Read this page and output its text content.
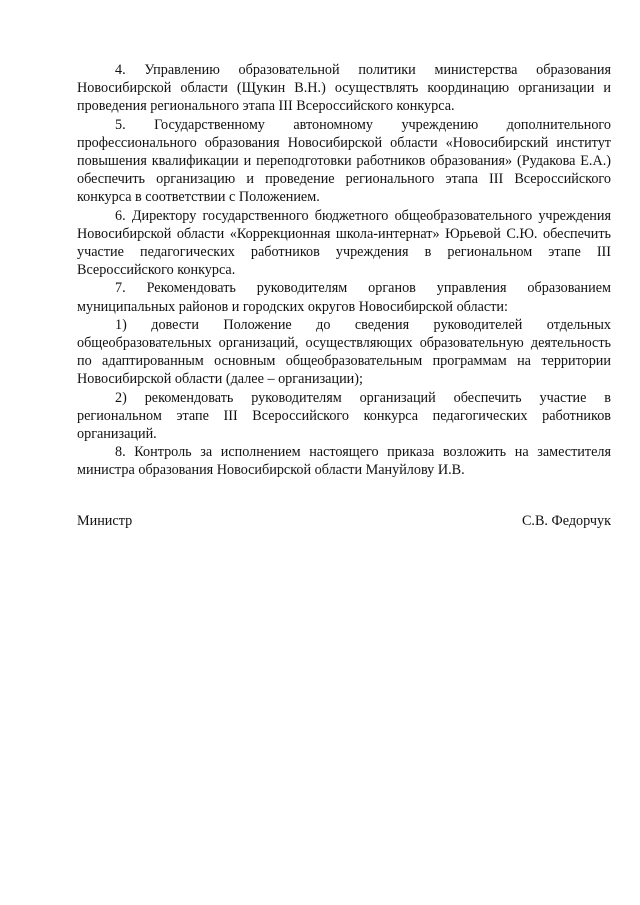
4. Управлению образовательной политики министерства образования Новосибирской области (Щукин В.Н.) осуществлять координацию организации и проведения регионального этапа III Всероссийского конкурса.

5. Государственному автономному учреждению дополнительного профессионального образования Новосибирской области «Новосибирский институт повышения квалификации и переподготовки работников образования» (Рудакова Е.А.) обеспечить организацию и проведение регионального этапа III Всероссийского конкурса в соответствии с Положением.

6. Директору государственного бюджетного общеобразовательного учреждения Новосибирской области «Коррекционная школа-интернат» Юрьевой С.Ю. обеспечить участие педагогических работников учреждения в региональном этапе III Всероссийского конкурса.

7. Рекомендовать руководителям органов управления образованием муниципальных районов и городских округов Новосибирской области:

1) довести Положение до сведения руководителей отдельных общеобразовательных организаций, осуществляющих образовательную деятельность по адаптированным основным общеобразовательным программам на территории Новосибирской области (далее – организации);

2) рекомендовать руководителям организаций обеспечить участие в региональном этапе III Всероссийского конкурса педагогических работников организаций.

8. Контроль за исполнением настоящего приказа возложить на заместителя министра образования Новосибирской области Мануйлову И.В.

Министр	С.В. Федорчук
